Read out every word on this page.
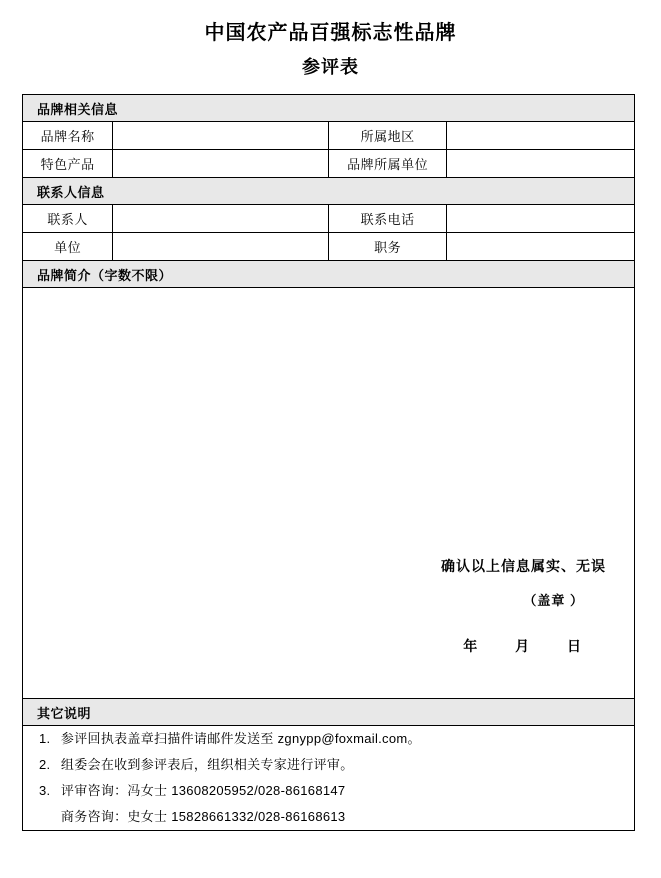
中国农产品百强标志性品牌
参评表
品牌相关信息			
品牌名称		所属地区	
特色产品		品牌所属单位	
联系人信息			
联系人		联系电话	
单位		职务	
品牌简介（字数不限）			

确认以上信息属实、无误
（盖章 ）
年 月 日			

其它说明			

1. 参评回执表盖章扫描件请邮件发送至 zgnypp@foxmail.com。
2. 组委会在收到参评表后，组织相关专家进行评审。
3. 评审咨询：冯女士 13608205952/028-86168147
商务咨询：史女士 15828661332/028-86168613			
